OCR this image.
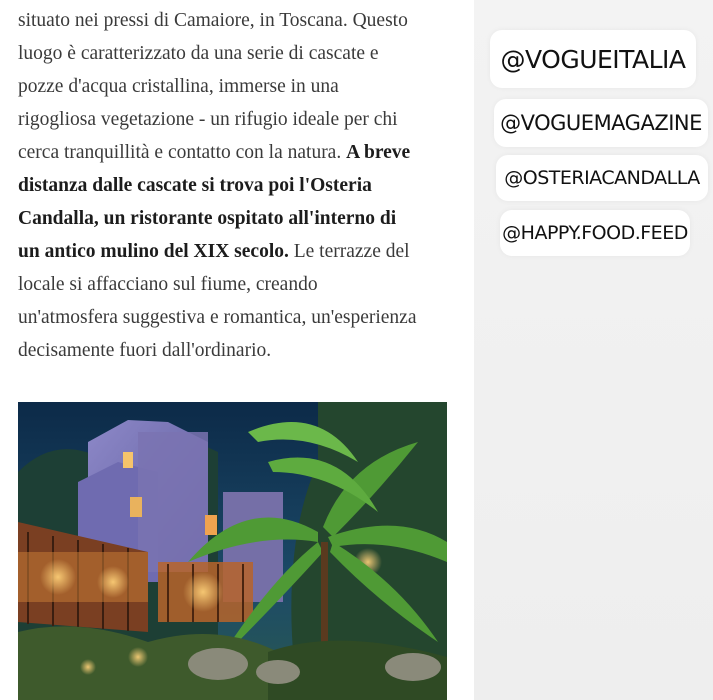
situato nei pressi di Camaiore, in Toscana. Questo
luogo è caratterizzato da una serie di cascate e
pozze d'acqua cristallina, immerse in una
rigogliosa vegetazione - un rifugio ideale per chi
cerca tranquillità e contatto con la natura. A breve
distanza dalle cascate si trova poi l'Osteria
Candalla, un ristorante ospitato all'interno di
un antico mulino del XIX secolo. Le terrazze del
locale si affacciano sul fiume, creando
un'atmosfera suggestiva e romantica, un'esperienza
decisamente fuori dall'ordinario.
@VOGUEITALIA
@VOGUEMAGAZINE
@OSTERIACANDALLA
@HAPPY.FOOD.FEED
